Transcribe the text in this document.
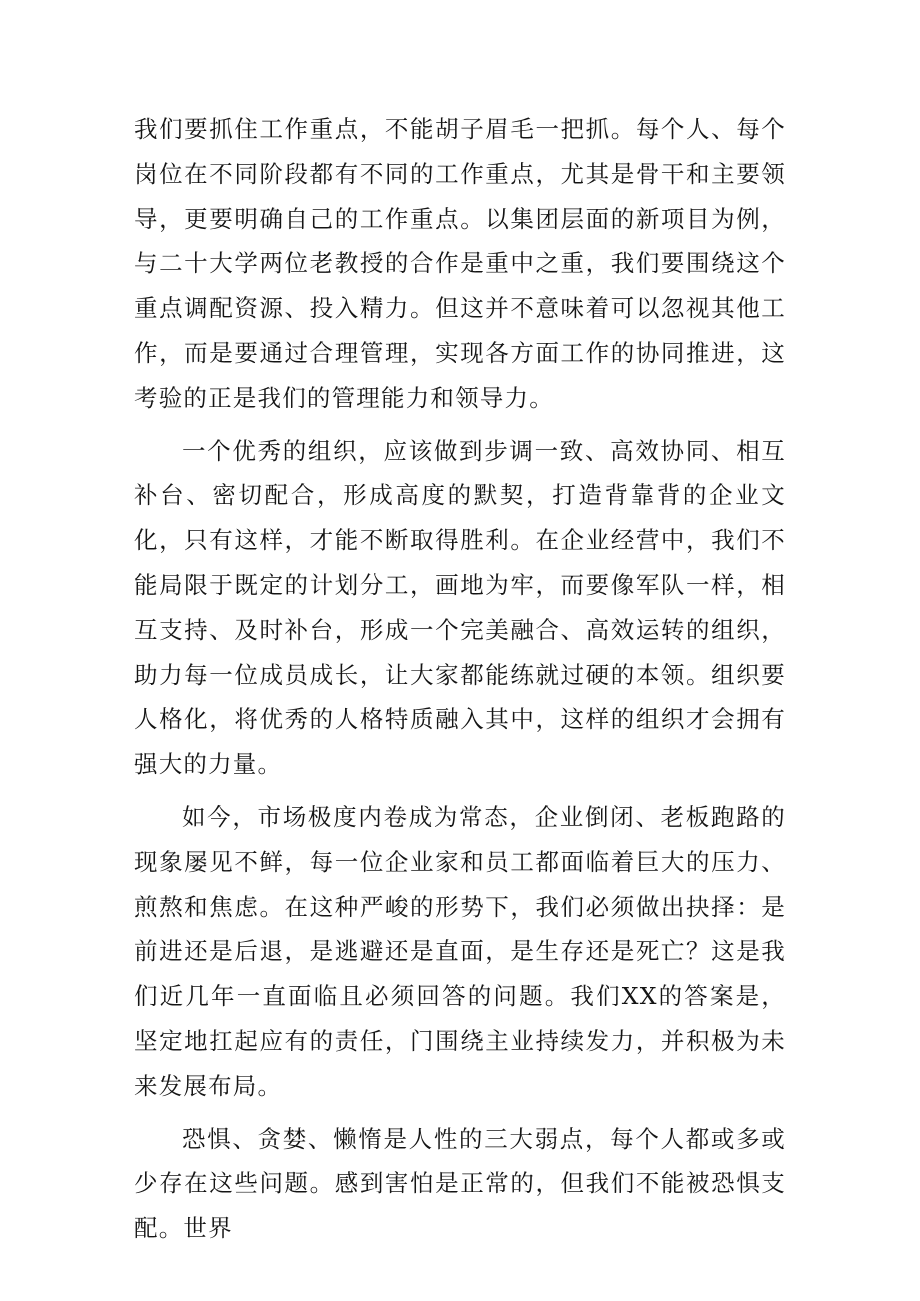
我们要抓住工作重点，不能胡子眉毛一把抓。每个人、每个岗位在不同阶段都有不同的工作重点，尤其是骨干和主要领导，更要明确自己的工作重点。以集团层面的新项目为例，与二十大学两位老教授的合作是重中之重，我们要围绕这个重点调配资源、投入精力。但这并不意味着可以忽视其他工作，而是要通过合理管理，实现各方面工作的协同推进，这考验的正是我们的管理能力和领导力。

一个优秀的组织，应该做到步调一致、高效协同、相互补台、密切配合，形成高度的默契，打造背靠背的企业文化，只有这样，才能不断取得胜利。在企业经营中，我们不能局限于既定的计划分工，画地为牢，而要像军队一样，相互支持、及时补台，形成一个完美融合、高效运转的组织，助力每一位成员成长，让大家都能练就过硬的本领。组织要人格化，将优秀的人格特质融入其中，这样的组织才会拥有强大的力量。

如今，市场极度内卷成为常态，企业倒闭、老板跑路的现象屡见不鲜，每一位企业家和员工都面临着巨大的压力、煎熬和焦虑。在这种严峻的形势下，我们必须做出抉择：是前进还是后退，是逃避还是直面，是生存还是死亡？这是我们近几年一直面临且必须回答的问题。我们XX的答案是，坚定地扛起应有的责任，门围绕主业持续发力，并积极为未来发展布局。

恐惧、贪婪、懒惰是人性的三大弱点，每个人都或多或少存在这些问题。感到害怕是正常的，但我们不能被恐惧支配。世界
